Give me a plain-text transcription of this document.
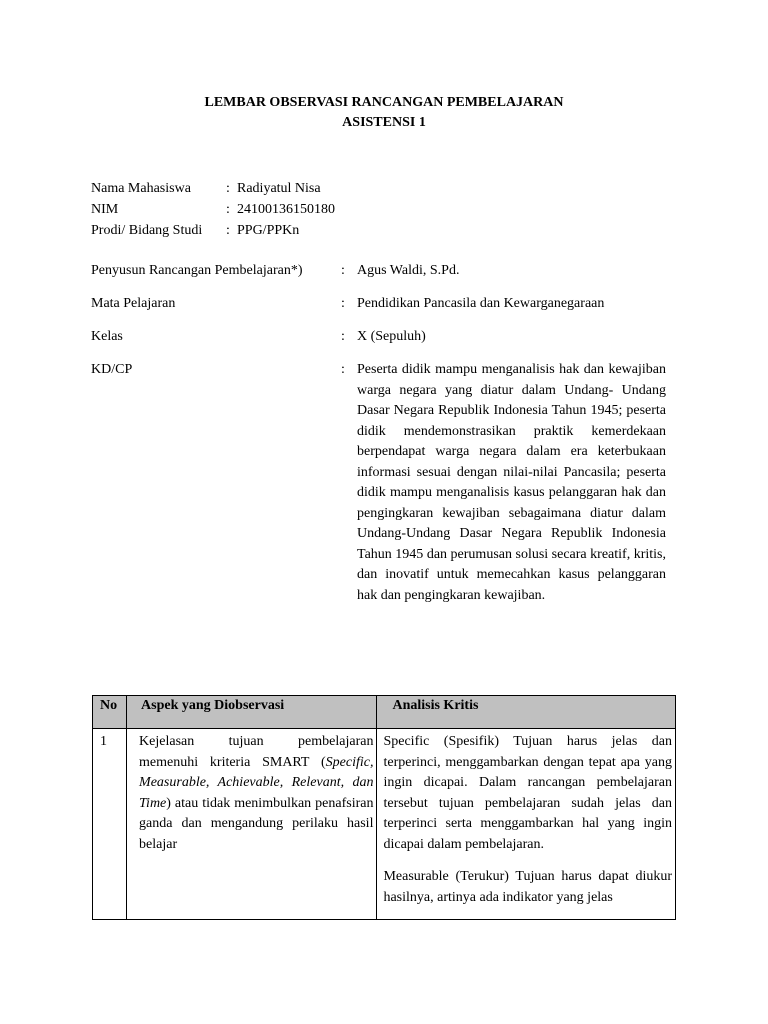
LEMBAR OBSERVASI RANCANGAN PEMBELAJARAN
ASISTENSI 1
Nama Mahasiswa	: Radiyatul Nisa
NIM	: 24100136150180
Prodi/ Bidang Studi	: PPG/PPKn
Penyusun Rancangan Pembelajaran*)	: Agus Waldi, S.Pd.
Mata Pelajaran	: Pendidikan Pancasila dan Kewarganegaraan
Kelas	: X (Sepuluh)
KD/CP	: Peserta didik mampu menganalisis hak dan kewajiban warga negara yang diatur dalam Undang- Undang Dasar Negara Republik Indonesia Tahun 1945; peserta didik mendemonstrasikan praktik kemerdekaan berpendapat warga negara dalam era keterbukaan informasi sesuai dengan nilai-nilai Pancasila; peserta didik mampu menganalisis kasus pelanggaran hak dan pengingkaran kewajiban sebagaimana diatur dalam Undang-Undang Dasar Negara Republik Indonesia Tahun 1945 dan perumusan solusi secara kreatif, kritis, dan inovatif untuk memecahkan kasus pelanggaran hak dan pengingkaran kewajiban.
No	Aspek yang Diobservasi	Analisis Kritis

1	Kejelasan tujuan pembelajaran memenuhi kriteria SMART (Specific, Measurable, Achievable, Relevant, dan Time) atau tidak menimbulkan penafsiran ganda dan mengandung perilaku hasil belajar	Specific (Spesifik) Tujuan harus jelas dan terperinci, menggambarkan dengan tepat apa yang ingin dicapai. Dalam rancangan pembelajaran tersebut tujuan pembelajaran sudah jelas dan terperinci serta menggambarkan hal yang ingin dicapai dalam pembelajaran.

Measurable (Terukur) Tujuan harus dapat diukur hasilnya, artinya ada indikator yang jelas
